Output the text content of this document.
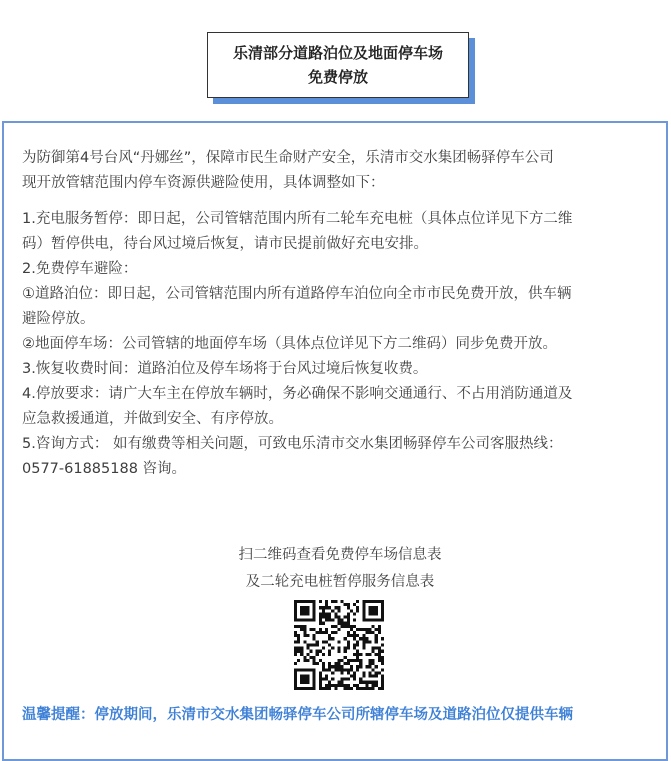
乐清部分道路泊位及地面停车场
免费停放
为防御第4号台风“丹娜丝”，保障市民生命财产安全，乐清市交水集团畅驿停车公司
现开放管辖范围内停车资源供避险使用，具体调整如下：

1.充电服务暂停：即日起，公司管辖范围内所有二轮车充电桩（具体点位详见下方二维

码）暂停供电，待台风过境后恢复，请市民提前做好充电安排。

2.免费停车避险：

①道路泊位：即日起，公司管辖范围内所有道路停车泊位向全市市民免费开放，供车辆

避险停放。

②地面停车场：公司管辖的地面停车场（具体点位详见下方二维码）同步免费开放。

3.恢复收费时间：道路泊位及停车场将于台风过境后恢复收费。

4.停放要求：请广大车主在停放车辆时，务必确保不影响交通通行、不占用消防通道及

应急救援通道，并做到安全、有序停放。

5.咨询方式： 如有缴费等相关问题，可致电乐清市交水集团畅驿停车公司客服热线：

0577-61885188 咨询。

扫二维码查看免费停车场信息表
及二轮充电桩暂停服务信息表
温馨提醒：停放期间，乐清市交水集团畅驿停车公司所辖停车场及道路泊位仅提供车辆
